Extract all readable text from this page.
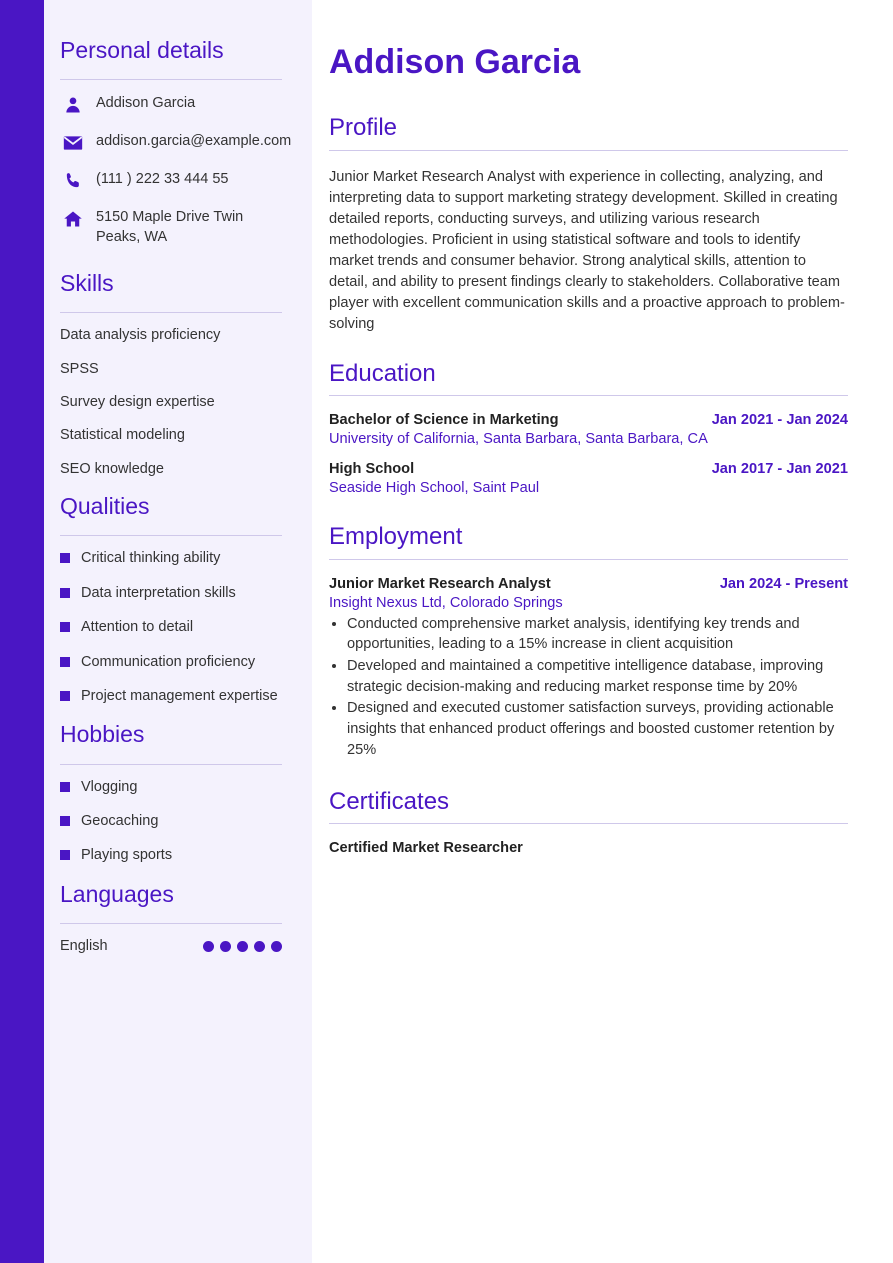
Personal details
Addison Garcia
addison.garcia@example.com
(111 ) 222 33 444 55
5150 Maple Drive Twin Peaks, WA
Skills
Data analysis proficiency
SPSS
Survey design expertise
Statistical modeling
SEO knowledge
Qualities
Critical thinking ability
Data interpretation skills
Attention to detail
Communication proficiency
Project management expertise
Hobbies
Vlogging
Geocaching
Playing sports
Languages
English
Addison Garcia
Profile

Junior Market Research Analyst with experience in collecting, analyzing, and interpreting data to support marketing strategy development. Skilled in creating detailed reports, conducting surveys, and utilizing various research methodologies. Proficient in using statistical software and tools to identify market trends and consumer behavior. Strong analytical skills, attention to detail, and ability to present findings clearly to stakeholders. Collaborative team player with excellent communication skills and a proactive approach to problem-solving

Education
Bachelor of Science in Marketing	Jan 2021 - Jan 2024
University of California, Santa Barbara, Santa Barbara, CA
High School	Jan 2017 - Jan 2021
Seaside High School, Saint Paul
Employment
Junior Market Research Analyst	Jan 2024 - Present
Insight Nexus Ltd, Colorado Springs
• Conducted comprehensive market analysis, identifying key trends and opportunities, leading to a 15% increase in client acquisition
• Developed and maintained a competitive intelligence database, improving strategic decision-making and reducing market response time by 20%
• Designed and executed customer satisfaction surveys, providing actionable insights that enhanced product offerings and boosted customer retention by 25%
Certificates
Certified Market Researcher
